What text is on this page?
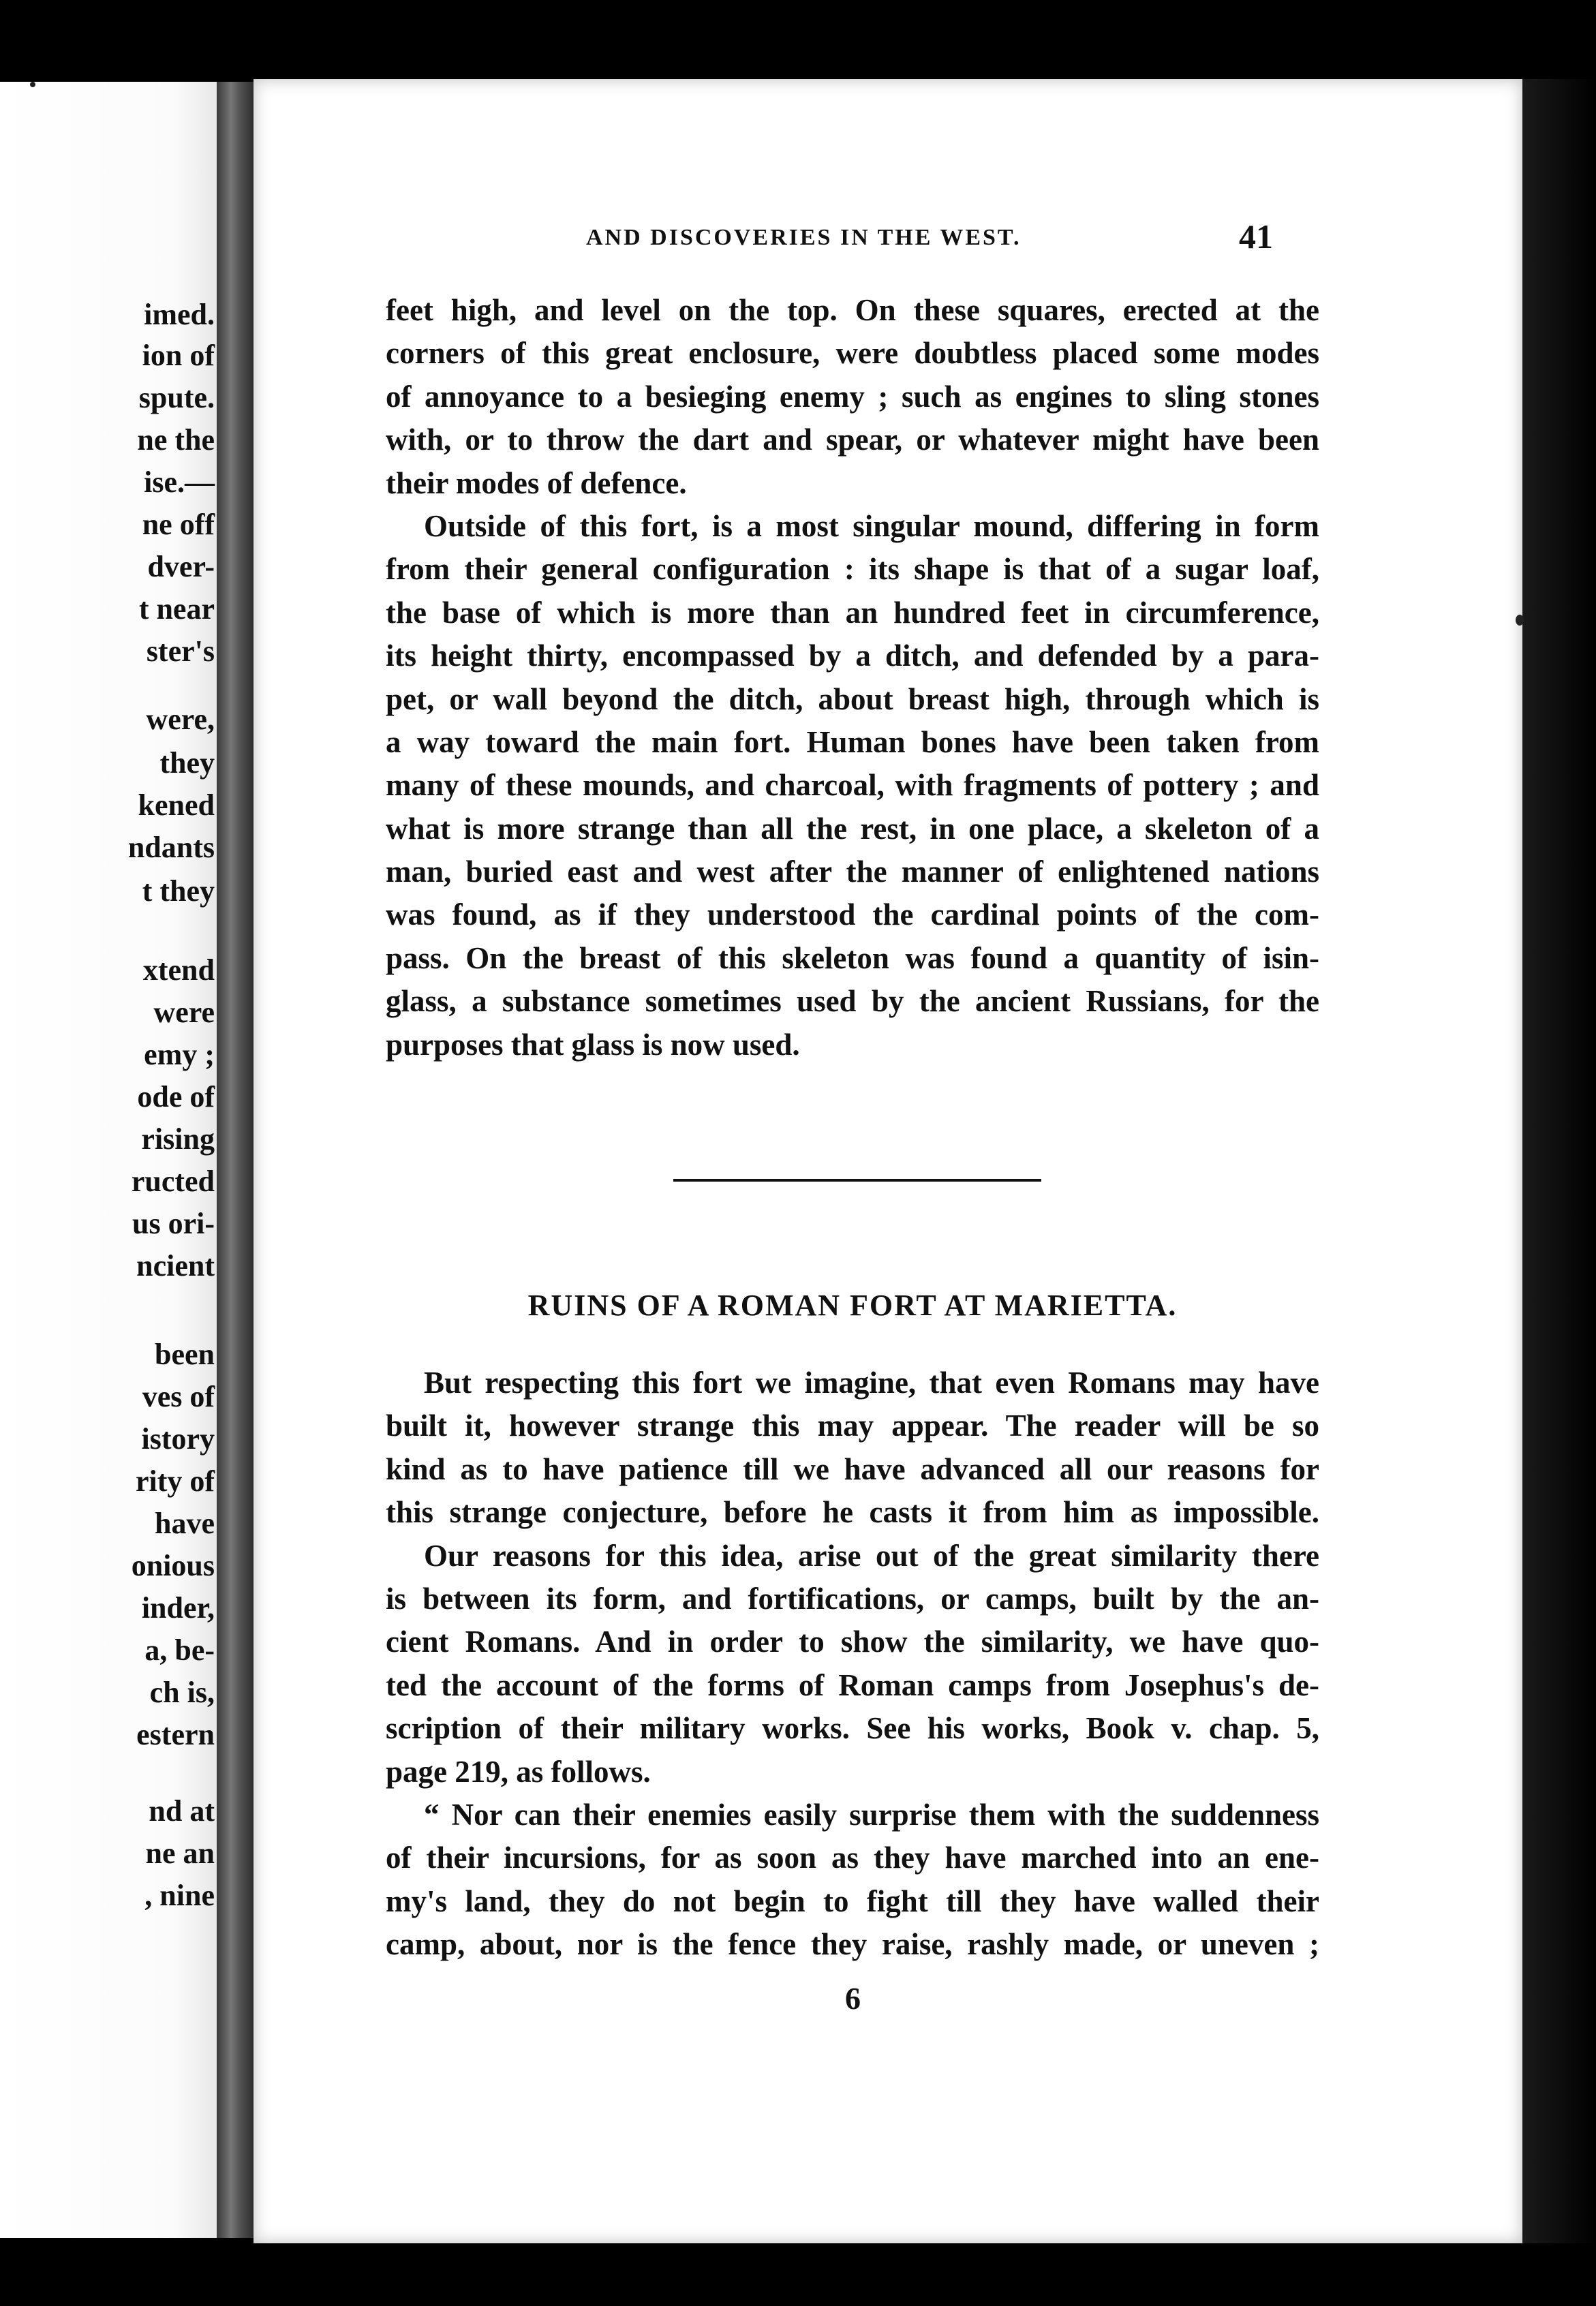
imed.
ion of
spute.
ne the
ise.—
ne off
dver-
t near
ster's
were,
they
kened
ndants
t they
xtend
were
emy ;
ode of
rising
ructed
us ori-
ncient
been
ves of
istory
rity of
have
onious
inder,
a, be-
ch is,
estern
nd at
ne an
, nine
AND DISCOVERIES IN THE WEST.	41
feet high, and level on the top. On these squares, erected at the
corners of this great enclosure, were doubtless placed some modes
of annoyance to a besieging enemy ; such as engines to sling stones
with, or to throw the dart and spear, or whatever might have been
their modes of defence.
Outside of this fort, is a most singular mound, differing in form
from their general configuration : its shape is that of a sugar loaf,
the base of which is more than an hundred feet in circumference,
its height thirty, encompassed by a ditch, and defended by a para-
pet, or wall beyond the ditch, about breast high, through which is
a way toward the main fort. Human bones have been taken from
many of these mounds, and charcoal, with fragments of pottery ; and
what is more strange than all the rest, in one place, a skeleton of a
man, buried east and west after the manner of enlightened nations
was found, as if they understood the cardinal points of the com-
pass. On the breast of this skeleton was found a quantity of isin-
glass, a substance sometimes used by the ancient Russians, for the
purposes that glass is now used.
RUINS OF A ROMAN FORT AT MARIETTA.
But respecting this fort we imagine, that even Romans may have
built it, however strange this may appear. The reader will be so
kind as to have patience till we have advanced all our reasons for
this strange conjecture, before he casts it from him as impossible.
Our reasons for this idea, arise out of the great similarity there
is between its form, and fortifications, or camps, built by the an-
cient Romans. And in order to show the similarity, we have quo-
ted the account of the forms of Roman camps from Josephus's de-
scription of their military works. See his works, Book v. chap. 5,
page 219, as follows.
“ Nor can their enemies easily surprise them with the suddenness
of their incursions, for as soon as they have marched into an ene-
my's land, they do not begin to fight till they have walled their
camp, about, nor is the fence they raise, rashly made, or uneven ;
6
